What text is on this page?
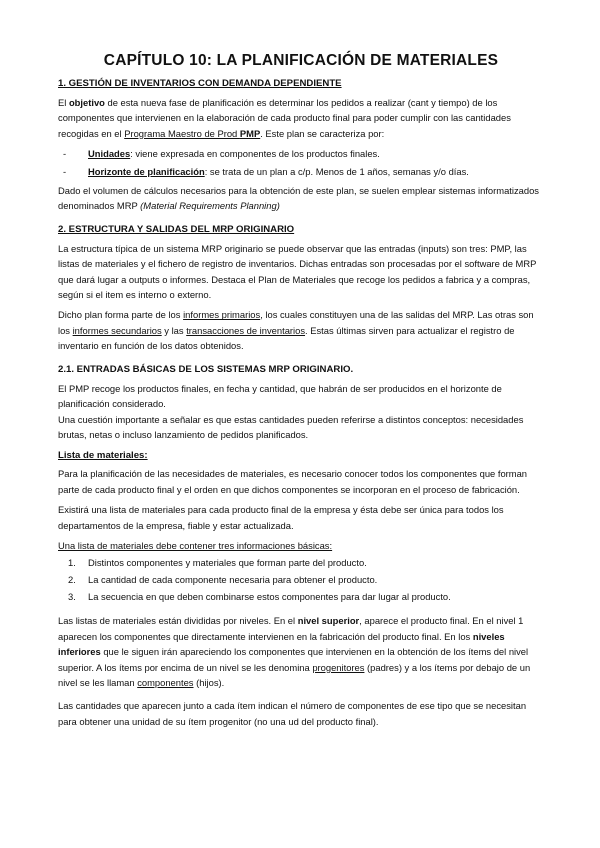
CAPÍTULO 10: LA PLANIFICACIÓN DE MATERIALES
1. GESTIÓN DE INVENTARIOS CON DEMANDA DEPENDIENTE

El objetivo de esta nueva fase de planificación es determinar los pedidos a realizar (cant y tiempo) de los componentes que intervienen en la elaboración de cada producto final para poder cumplir con las cantidades recogidas en el Programa Maestro de Prod PMP. Este plan se caracteriza por:

- Unidades: viene expresada en componentes de los productos finales.
- Horizonte de planificación: se trata de un plan a c/p. Menos de 1 años, semanas y/o días.

Dado el volumen de cálculos necesarios para la obtención de este plan, se suelen emplear sistemas informatizados denominados MRP (Material Requirements Planning)

2. ESTRUCTURA Y SALIDAS DEL MRP ORIGINARIO

La estructura típica de un sistema MRP originario se puede observar que las entradas (inputs) son tres: PMP, las listas de materiales y el fichero de registro de inventarios. Dichas entradas son procesadas por el software de MRP que dará lugar a outputs o informes. Destaca el Plan de Materiales que recoge los pedidos a fabrica y a compras, según si el item es interno o externo.

Dicho plan forma parte de los informes primarios, los cuales constituyen una de las salidas del MRP. Las otras son los informes secundarios y las transacciones de inventarios. Estas últimas sirven para actualizar el registro de inventario en función de los datos obtenidos.

2.1. ENTRADAS BÁSICAS DE LOS SISTEMAS MRP ORIGINARIO.

El PMP recoge los productos finales, en fecha y cantidad, que habrán de ser producidos en el horizonte de planificación considerado.

Una cuestión importante a señalar es que estas cantidades pueden referirse a distintos conceptos: necesidades brutas, netas o incluso lanzamiento de pedidos planificados.

Lista de materiales:

Para la planificación de las necesidades de materiales, es necesario conocer todos los componentes que forman parte de cada producto final y el orden en que dichos componentes se incorporan en el proceso de fabricación.

Existirá una lista de materiales para cada producto final de la empresa y ésta debe ser única para todos los departamentos de la empresa, fiable y estar actualizada.

Una lista de materiales debe contener tres informaciones básicas:

1. Distintos componentes y materiales que forman parte del producto.
2. La cantidad de cada componente necesaria para obtener el producto.
3. La secuencia en que deben combinarse estos componentes para dar lugar al producto.

Las listas de materiales están divididas por niveles. En el nivel superior, aparece el producto final. En el nivel 1 aparecen los componentes que directamente intervienen en la fabricación del producto final. En los niveles inferiores que le siguen irán apareciendo los componentes que intervienen en la obtención de los ítems del nivel superior. A los ítems por encima de un nivel se les denomina progenitores (padres) y a los ítems por debajo de un nivel se les llaman componentes (hijos).

Las cantidades que aparecen junto a cada ítem indican el número de componentes de ese tipo que se necesitan para obtener una unidad de su ítem progenitor (no una ud del producto final).
